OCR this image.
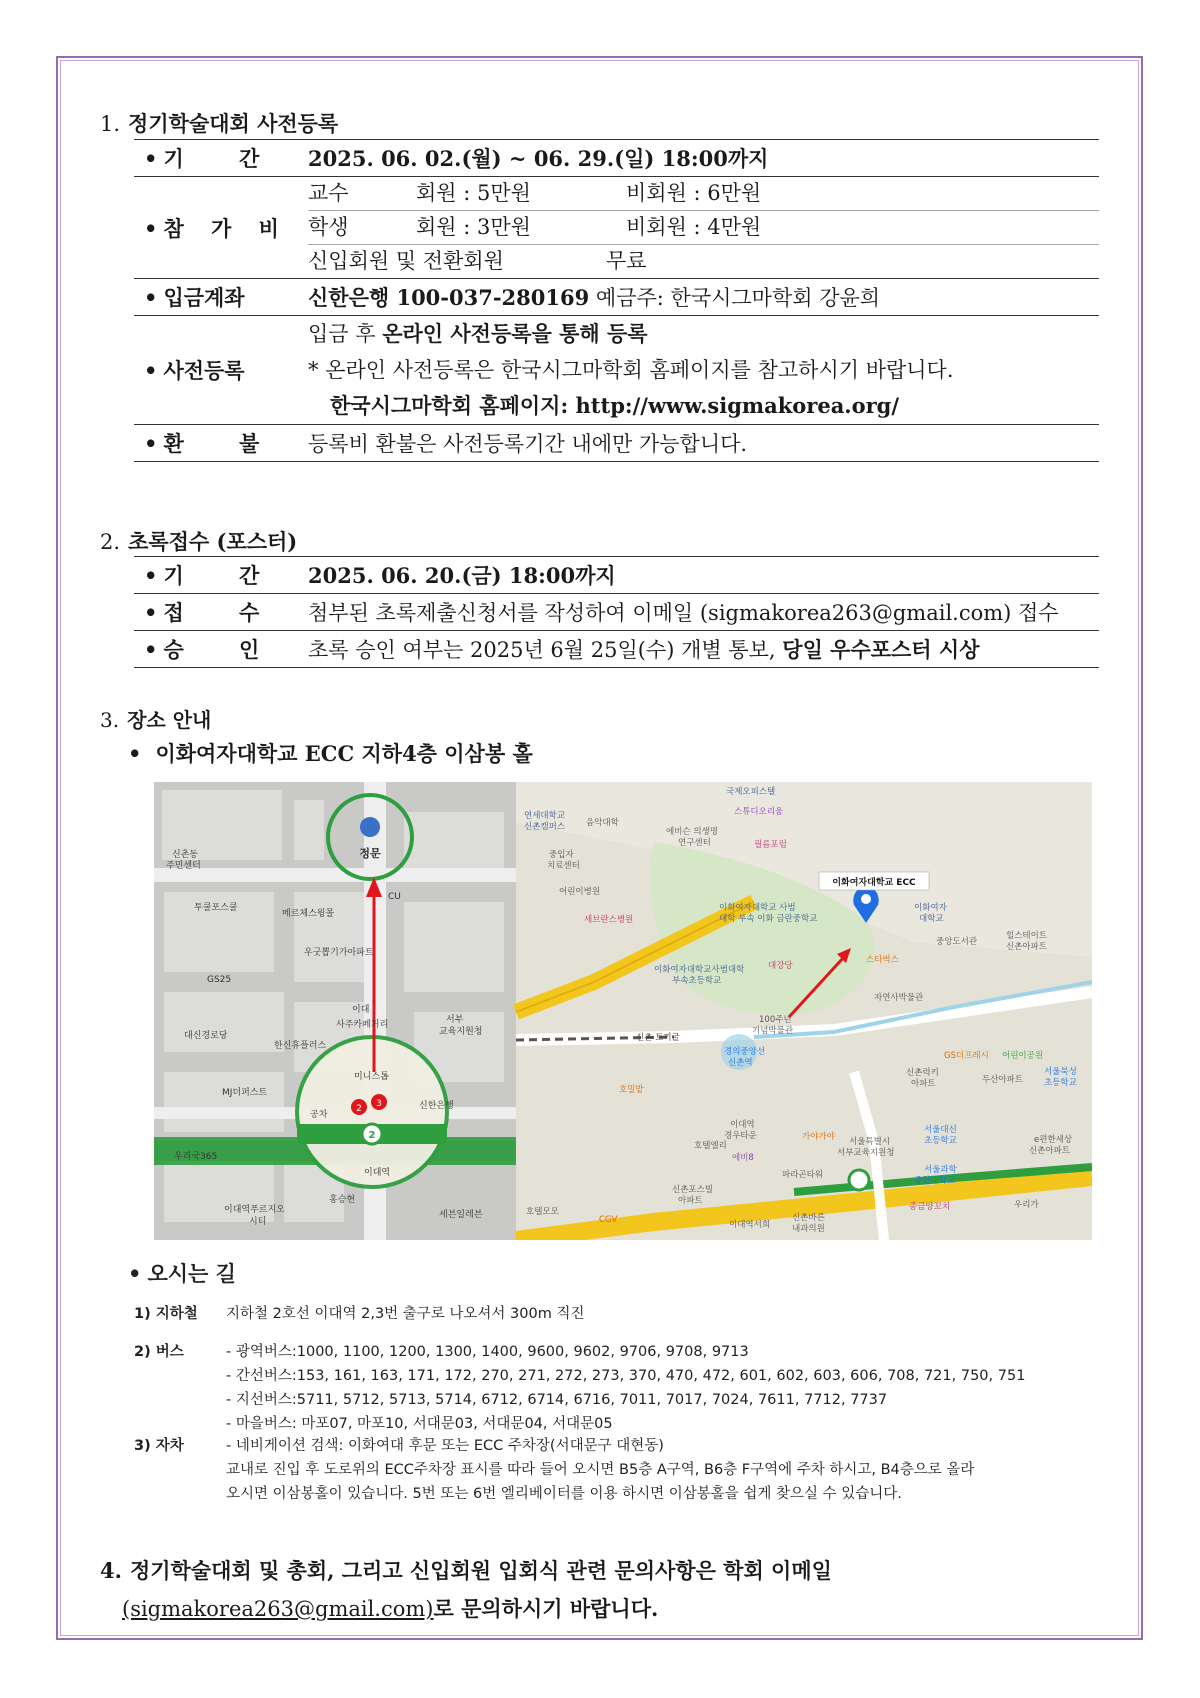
1. 정기학술대회 사전등록
• 기 간	2025. 06. 02.(월) ~ 06. 29.(일) 18:00까지
• 참 가 비	교수 회원 : 5만원 비회원 : 6만원
학생 회원 : 3만원 비회원 : 4만원
신입회원 및 전환회원 무료

• 입금계좌	신한은행 100-037-280169 예금주: 한국시그마학회 강윤희
• 사전등록	입금 후 온라인 사전등록을 통해 등록
* 온라인 사전등록은 한국시그마학회 홈페이지를 참고하시기 바랍니다.
한국시그마학회 홈페이지: http://www.sigmakorea.org/

• 환 불	등록비 환불은 사전등록기간 내에만 가능합니다.
2. 초록접수 (포스터)
• 기 간	2025. 06. 20.(금) 18:00까지
• 접 수	첨부된 초록제출신청서를 작성하여 이메일 (sigmakorea263@gmail.com) 접수
• 승 인	초록 승인 여부는 2025년 6월 25일(수) 개별 통보, 당일 우수포스터 시상
3. 장소 안내
• 이화여자대학교 ECC 지하4층 이삼봉 홀
정문
2
2 3
신촌동
주민센터
투쿨포스쿨
메르체스윙몰
GS25
우굿뽑기가아파트
대신경로당
한신휴플러스
이대
사주카페거리	서부
교육지원청
MJ더퍼스트
미니스톱
신한은행
공차
이대역
홍승현
이대역푸르지오
시티
세븐일레븐
CU
우리국365
이화여자대학교 ECC
국제오피스텔
연세대학교
신촌캠퍼스 음악대학
에비슨 의생명
연구센터	필름포럼
스튜디오리움
중입자
치료센터
어린이병원
세브란스병원
이화여자대학교 사범
대학 부속 이화 금란중학교
이화여자
대학교
중앙도서관
힐스테이트
신촌아파트
스타벅스
대강당
이화여자대학교사범대학
부속초등학교
신촌 토끼굴
100주년
기념박물관
자연사박물관
경의중앙선
신촌역
GS더프레시 어린이공원
신촌럭키
아파트	두산아파트
서울북성
초등학교
호밀밭
호텔엘리
이대역
경우타운	가야가야 서울특별시
서부교육지원청
서울대신
초등학교	e편한세상
신촌아파트
서울과학
종합대학교
파라곤타워
종금양꼬치	우리가
신촌포스빌
아파트
이대역서희
신촌바른
내과의원
호텔모모
CGV
에비8
• 오시는 길
1) 지하철	지하철 2호선 이대역 2,3번 출구로 나오셔서 300m 직진
2) 버스	- 광역버스:1000, 1100, 1200, 1300, 1400, 9600, 9602, 9706, 9708, 9713
- 간선버스:153, 161, 163, 171, 172, 270, 271, 272, 273, 370, 470, 472, 601, 602, 603, 606, 708, 721, 750, 751
- 지선버스:5711, 5712, 5713, 5714, 6712, 6714, 6716, 7011, 7017, 7024, 7611, 7712, 7737
- 마을버스: 마포07, 마포10, 서대문03, 서대문04, 서대문05
3) 자차	- 네비게이션 검색: 이화여대 후문 또는 ECC 주차장(서대문구 대현동)
교내로 진입 후 도로위의 ECC주차장 표시를 따라 들어 오시면 B5층 A구역, B6층 F구역에 주차 하시고, B4층으로 올라
오시면 이삼봉홀이 있습니다. 5번 또는 6번 엘리베이터를 이용 하시면 이삼봉홀을 쉽게 찾으실 수 있습니다.
4. 정기학술대회 및 총회, 그리고 신입회원 입회식 관련 문의사항은 학회 이메일
(sigmakorea263@gmail.com)로 문의하시기 바랍니다.
